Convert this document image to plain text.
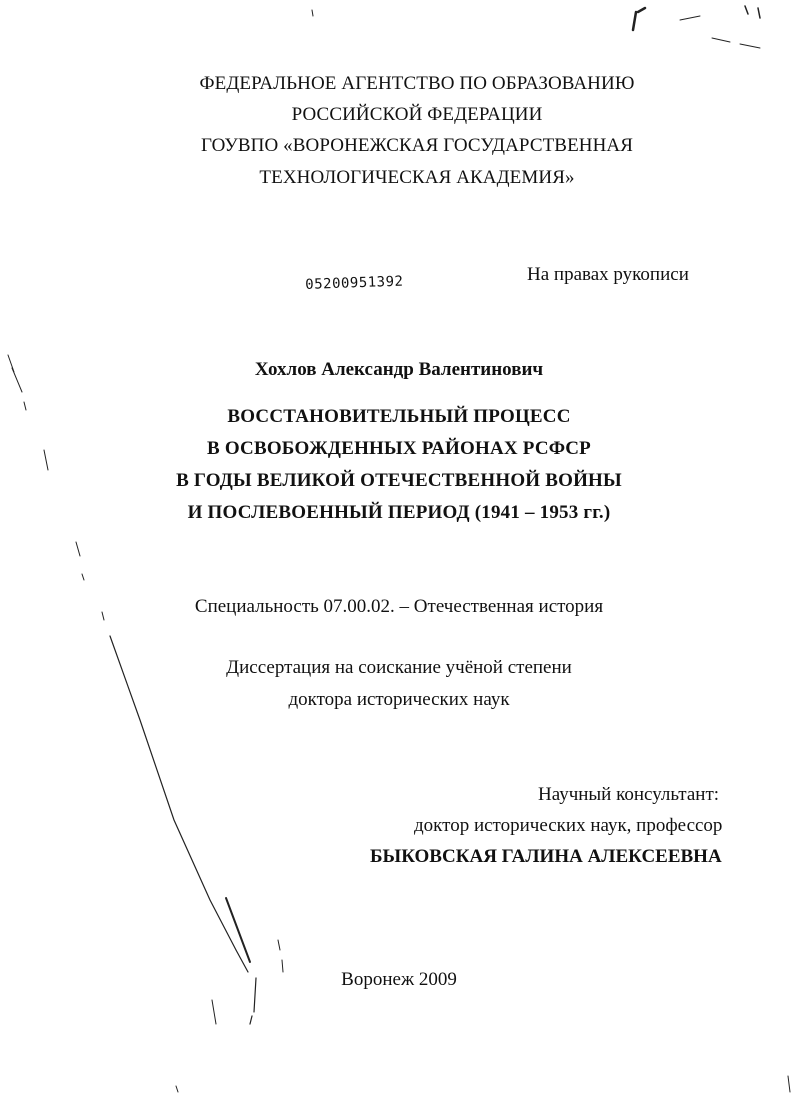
ФЕДЕРАЛЬНОЕ АГЕНТСТВО ПО ОБРАЗОВАНИЮ
РОССИЙСКОЙ ФЕДЕРАЦИИ
ГОУВПО «ВОРОНЕЖСКАЯ ГОСУДАРСТВЕННАЯ
ТЕХНОЛОГИЧЕСКАЯ АКАДЕМИЯ»
На правах рукописи
05200951392
Хохлов Александр Валентинович
ВОССТАНОВИТЕЛЬНЫЙ ПРОЦЕСС
В ОСВОБОЖДЕННЫХ РАЙОНАХ РСФСР
В ГОДЫ ВЕЛИКОЙ ОТЕЧЕСТВЕННОЙ ВОЙНЫ
И ПОСЛЕВОЕННЫЙ ПЕРИОД (1941 – 1953 гг.)
Специальность 07.00.02. – Отечественная история
Диссертация на соискание учёной степени
доктора исторических наук
Научный консультант:
доктор исторических наук, профессор
БЫКОВСКАЯ ГАЛИНА АЛЕКСЕЕВНА
Воронеж 2009
